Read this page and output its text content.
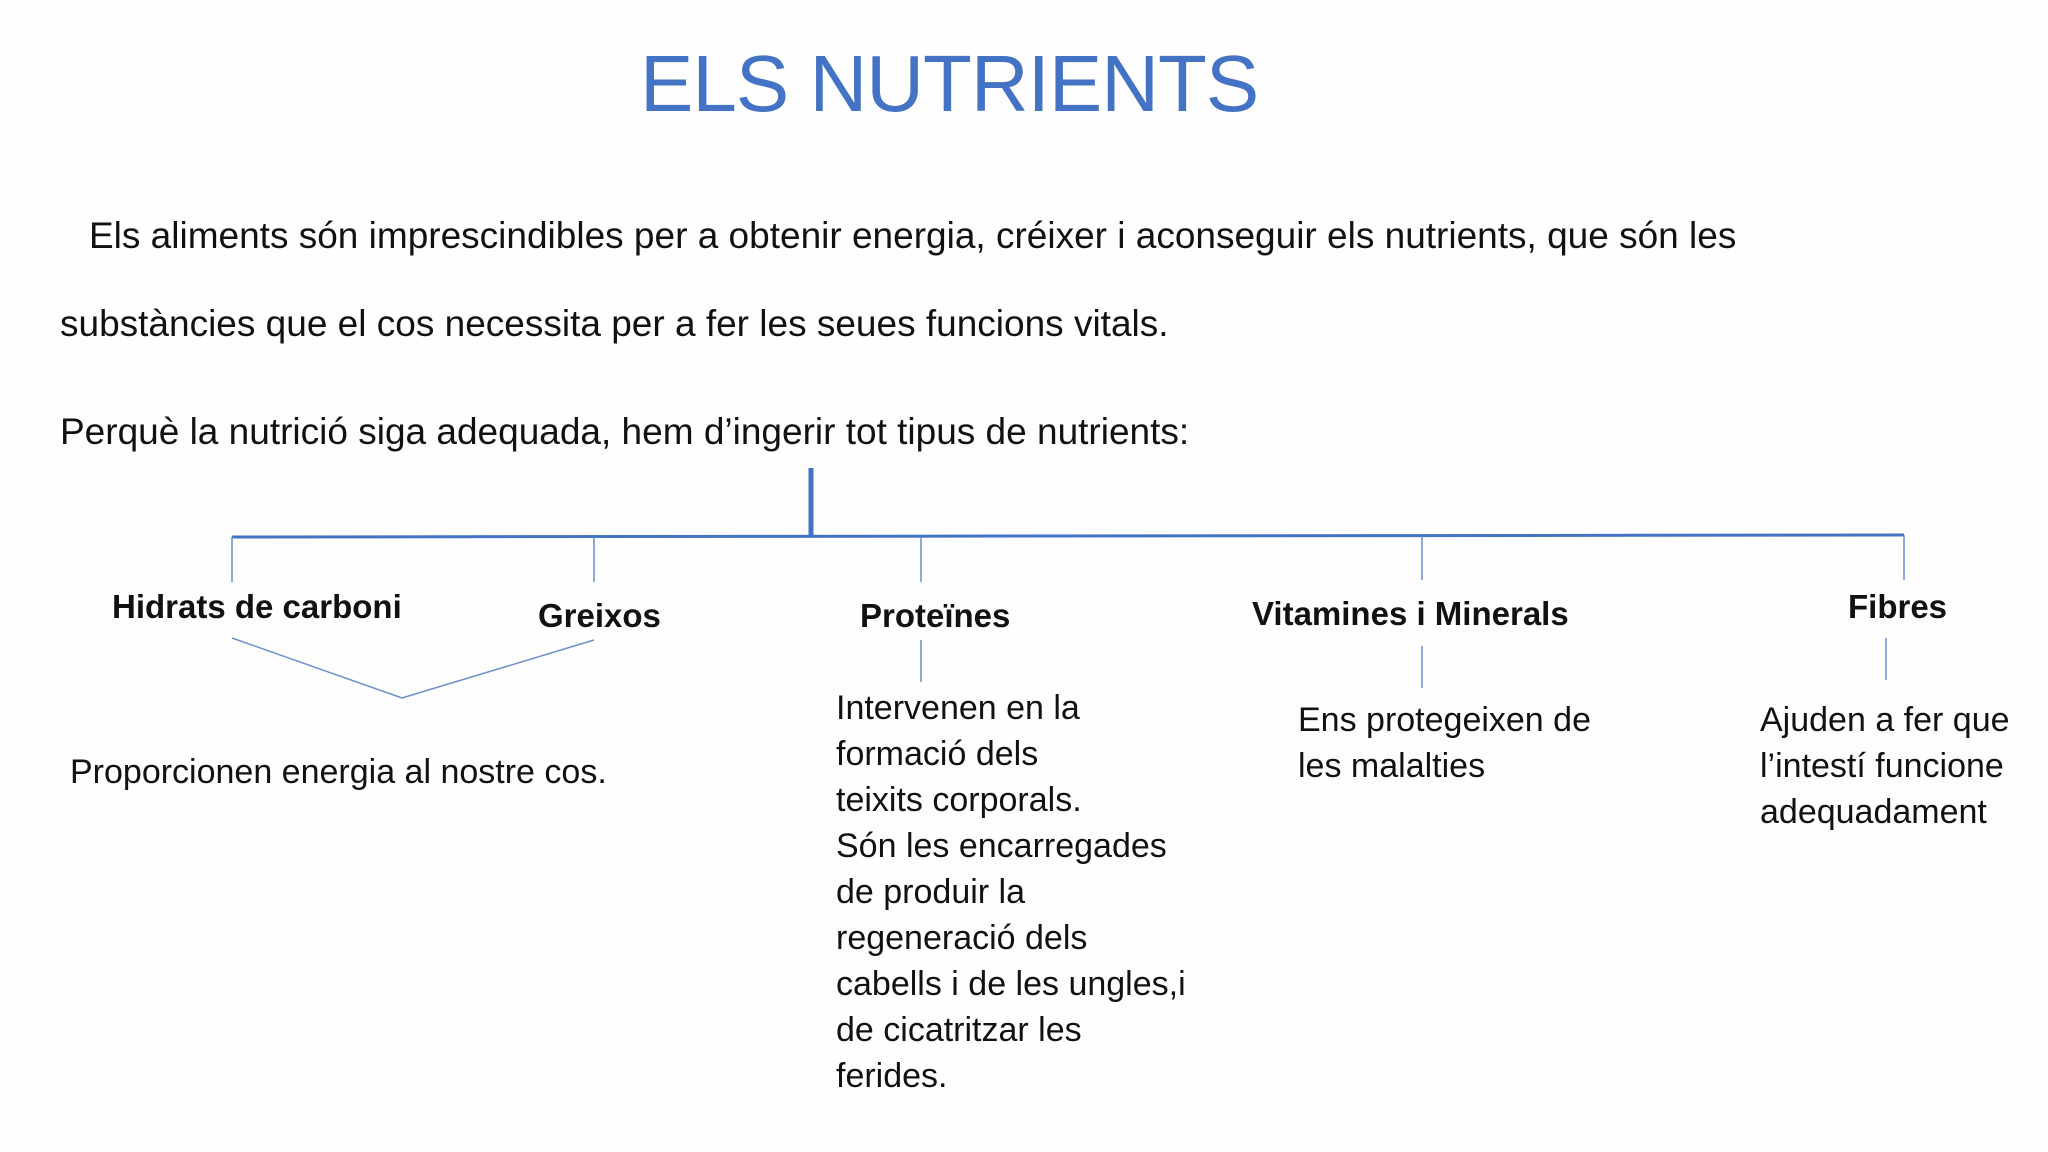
ELS NUTRIENTS
Els aliments són imprescindibles per a obtenir energia, créixer i aconseguir els nutrients, que són les
substàncies que el cos necessita per a fer les seues funcions vitals.
Perquè la nutrició siga adequada, hem d’ingerir tot tipus de nutrients:
Hidrats de carboni	Greixos	Proteïnes	Vitamines i Minerals	Fibres
Proporcionen energia al nostre cos.
Intervenen en la
formació dels
teixits corporals.
Són les encarregades
de produir la
regeneració dels
cabells i de les ungles,i
de cicatritzar les
ferides.
Ens protegeixen de
les malalties
Ajuden a fer que
l’intestí funcione
adequadament
